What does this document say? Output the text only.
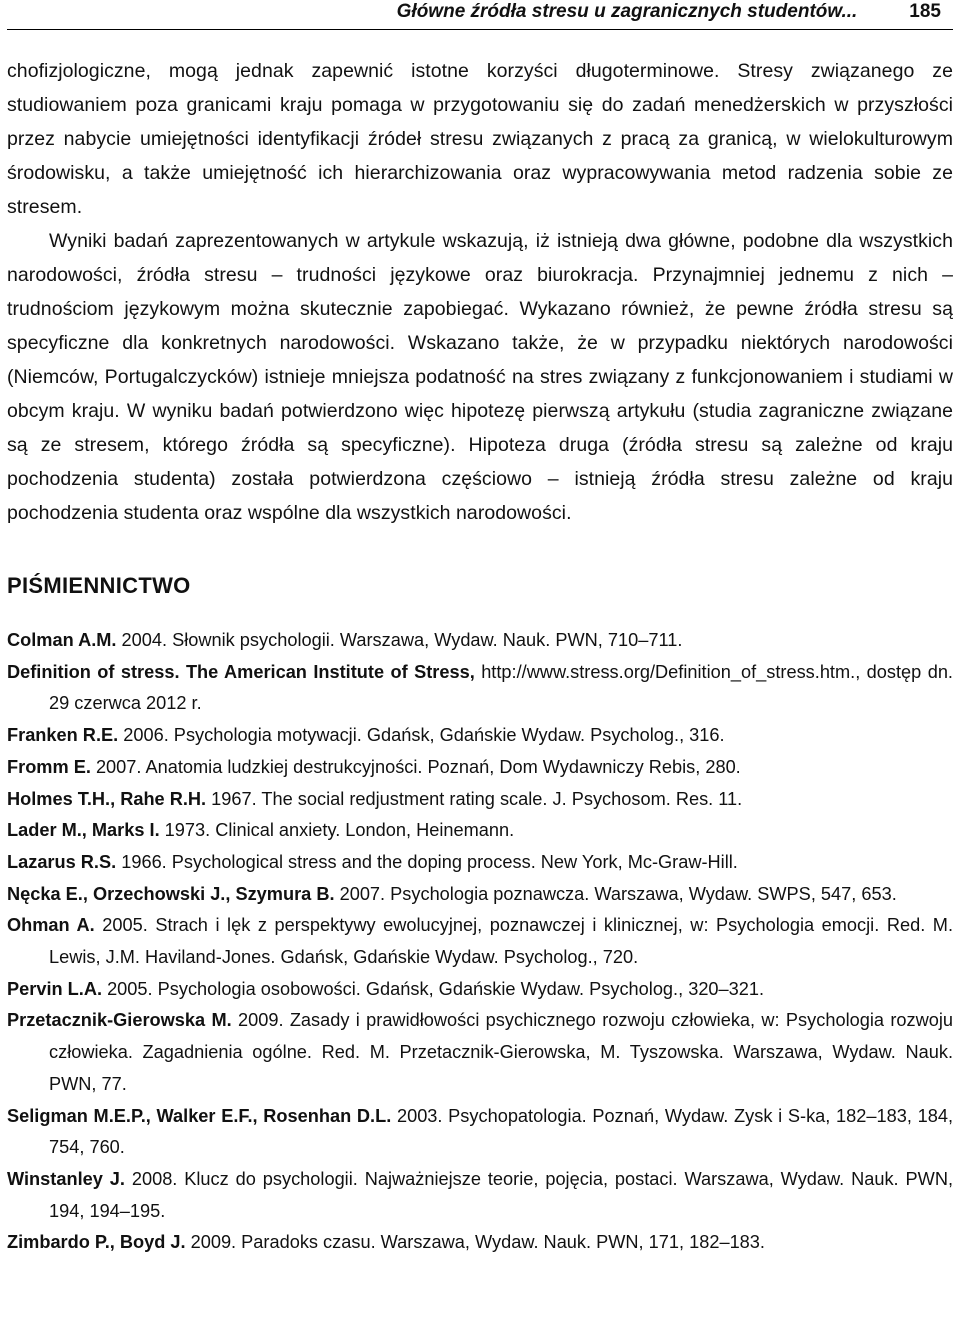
Główne źródła stresu u zagranicznych studentów...	185

chofizjologiczne, mogą jednak zapewnić istotne korzyści długoterminowe. Stresy związanego ze studiowaniem poza granicami kraju pomaga w przygotowaniu się do zadań menedżerskich w przyszłości przez nabycie umiejętności identyfikacji źródeł stresu związanych z pracą za granicą, w wielokulturowym środowisku, a także umiejętność ich hierarchizowania oraz wypracowywania metod radzenia sobie ze stresem.

Wyniki badań zaprezentowanych w artykule wskazują, iż istnieją dwa główne, podobne dla wszystkich narodowości, źródła stresu – trudności językowe oraz biurokracja. Przynajmniej jednemu z nich – trudnościom językowym można skutecznie zapobiegać. Wykazano również, że pewne źródła stresu są specyficzne dla konkretnych narodowości. Wskazano także, że w przypadku niektórych narodowości (Niemców, Portugalczycków) istnieje mniejsza podatność na stres związany z funkcjonowaniem i studiami w obcym kraju. W wyniku badań potwierdzono więc hipotezę pierwszą artykułu (studia zagraniczne związane są ze stresem, którego źródła są specyficzne). Hipoteza druga (źródła stresu są zależne od kraju pochodzenia studenta) została potwierdzona częściowo – istnieją źródła stresu zależne od kraju pochodzenia studenta oraz wspólne dla wszystkich narodowości.

PIŚMIENNICTWO
Colman A.M. 2004. Słownik psychologii. Warszawa, Wydaw. Nauk. PWN, 710–711.
Definition of stress. The American Institute of Stress, http://www.stress.org/Definition_of_stress.htm., dostęp dn. 29 czerwca 2012 r.
Franken R.E. 2006. Psychologia motywacji. Gdańsk, Gdańskie Wydaw. Psycholog., 316.
Fromm E. 2007. Anatomia ludzkiej destrukcyjności. Poznań, Dom Wydawniczy Rebis, 280.
Holmes T.H., Rahe R.H. 1967. The social redjustment rating scale. J. Psychosom. Res. 11.
Lader M., Marks I. 1973. Clinical anxiety. London, Heinemann.
Lazarus R.S. 1966. Psychological stress and the doping process. New York, Mc-Graw-Hill.
Nęcka E., Orzechowski J., Szymura B. 2007. Psychologia poznawcza. Warszawa, Wydaw. SWPS, 547, 653.
Ohman A. 2005. Strach i lęk z perspektywy ewolucyjnej, poznawczej i klinicznej, w: Psychologia emocji. Red. M. Lewis, J.M. Haviland-Jones. Gdańsk, Gdańskie Wydaw. Psycholog., 720.
Pervin L.A. 2005. Psychologia osobowości. Gdańsk, Gdańskie Wydaw. Psycholog., 320–321.
Przetacznik-Gierowska M. 2009. Zasady i prawidłowości psychicznego rozwoju człowieka, w: Psychologia rozwoju człowieka. Zagadnienia ogólne. Red. M. Przetacznik-Gierowska, M. Tyszowska. Warszawa, Wydaw. Nauk. PWN, 77.
Seligman M.E.P., Walker E.F., Rosenhan D.L. 2003. Psychopatologia. Poznań, Wydaw. Zysk i S-ka, 182–183, 184, 754, 760.
Winstanley J. 2008. Klucz do psychologii. Najważniejsze teorie, pojęcia, postaci. Warszawa, Wydaw. Nauk. PWN, 194, 194–195.
Zimbardo P., Boyd J. 2009. Paradoks czasu. Warszawa, Wydaw. Nauk. PWN, 171, 182–183.
